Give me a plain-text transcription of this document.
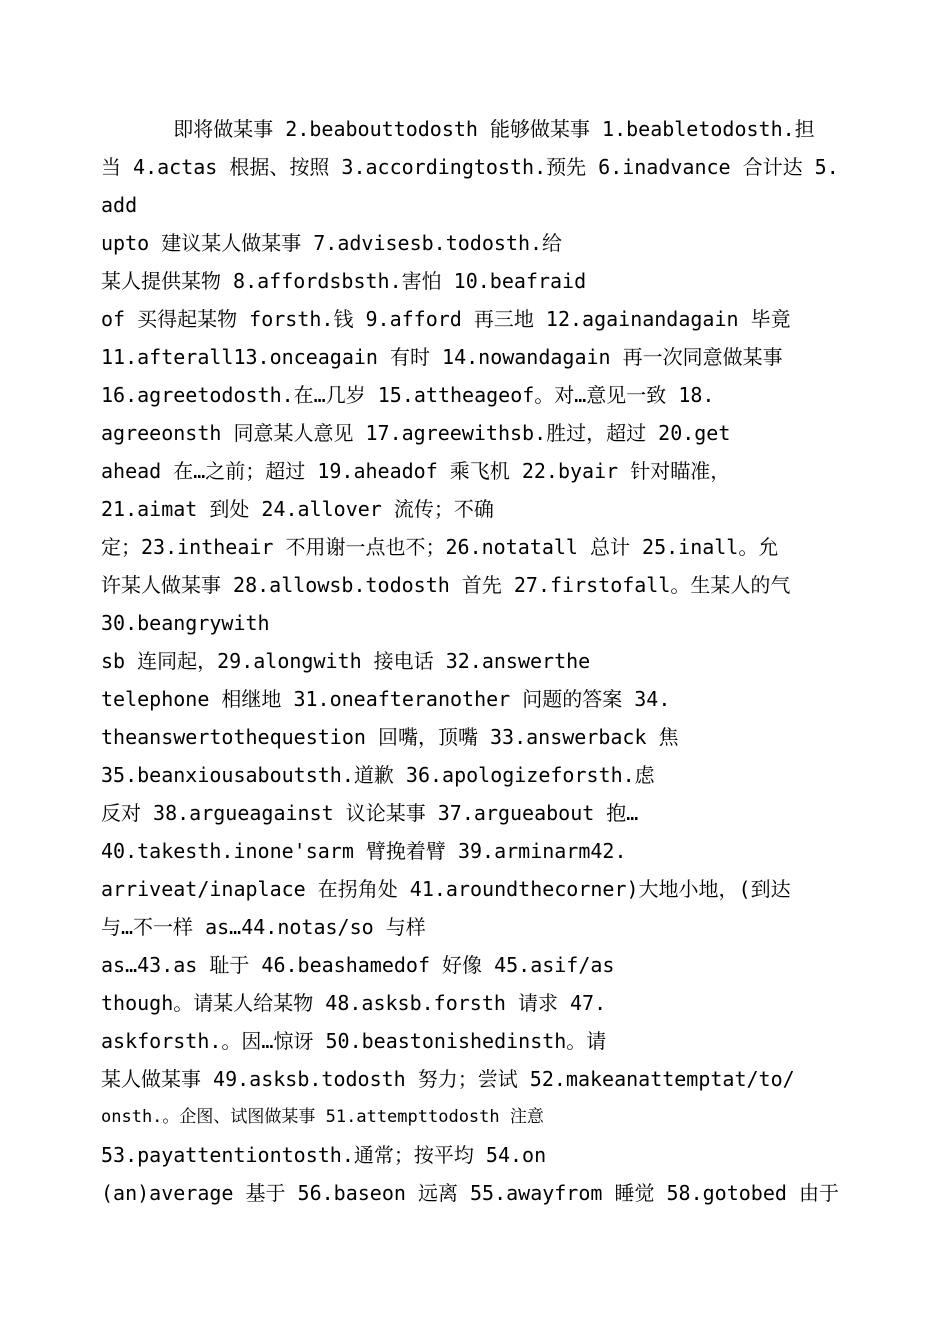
即将做某事 2.beabouttodosth 能够做某事 1.beabletodosth.担
当 4.actas 根据、按照 3.accordingtosth.预先 6.inadvance 合计达 5.
add
upto 建议某人做某事 7.advisesb.todosth.给
某人提供某物 8.affordsbsth.害怕 10.beafraid
of 买得起某物 forsth.钱 9.afford 再三地 12.againandagain 毕竟
11.afterall13.onceagain 有时 14.nowandagain 再一次同意做某事
16.agreetodosth.在…几岁 15.attheageof。对…意见一致 18.
agreeonsth 同意某人意见 17.agreewithsb.胜过，超过 20.get
ahead 在…之前；超过 19.aheadof 乘飞机 22.byair 针对瞄准，
21.aimat 到处 24.allover 流传；不确
定；23.intheair 不用谢一点也不；26.notatall 总计 25.inall。允
许某人做某事 28.allowsb.todosth 首先 27.firstofall。生某人的气
30.beangrywith
sb 连同起，29.alongwith 接电话 32.answerthe
telephone 相继地 31.oneafteranother 问题的答案 34.
theanswertothequestion 回嘴，顶嘴 33.answerback 焦
35.beanxiousaboutsth.道歉 36.apologizeforsth.虑
反对 38.argueagainst 议论某事 37.argueabout 抱…
40.takesth.inone'sarm 臂挽着臂 39.arminarm42.
arriveat/inaplace 在拐角处 41.aroundthecorner)大地小地，(到达
与…不一样 as…44.notas/so 与样
as…43.as 耻于 46.beashamedof 好像 45.asif/as
though。请某人给某物 48.asksb.forsth 请求 47.
askforsth.。因…惊讶 50.beastonishedinsth。请
某人做某事 49.asksb.todosth 努力；尝试 52.makeanattemptat/to/
onsth.。企图、试图做某事 51.attempttodosth 注意
53.payattentiontosth.通常；按平均 54.on
(an)average 基于 56.baseon 远离 55.awayfrom 睡觉 58.gotobed 由于
